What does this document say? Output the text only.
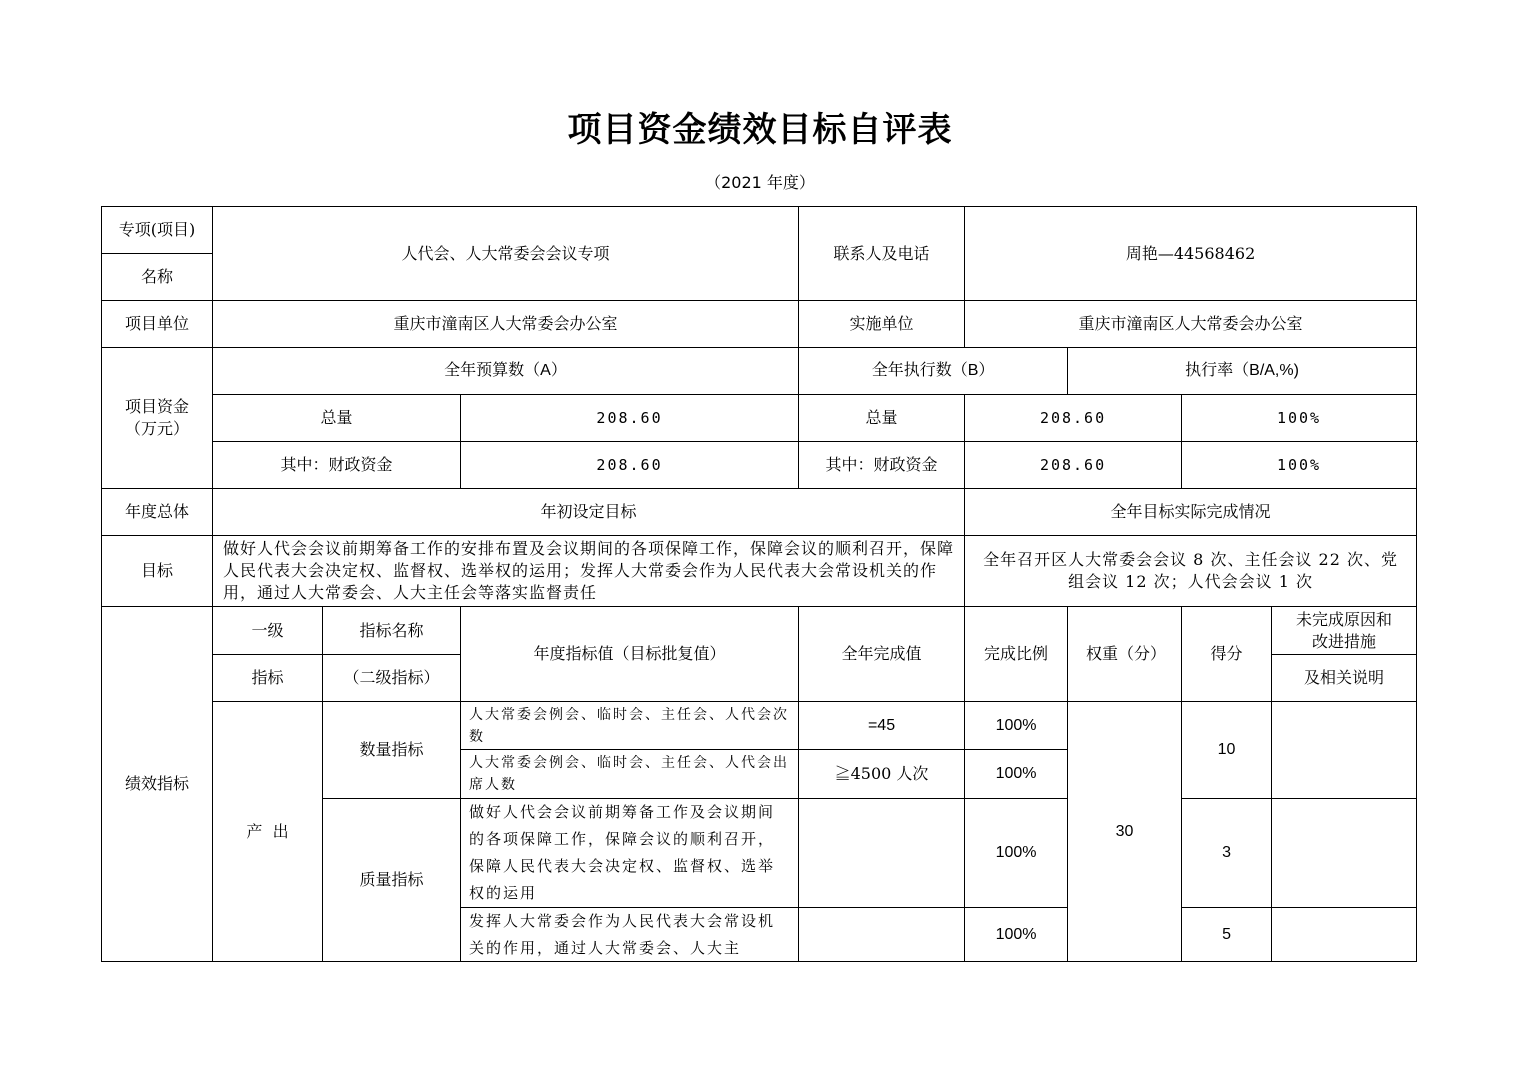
项目资金绩效目标自评表
（2021 年度）
专项(项目)	人代会、人大常委会会议专项			联系人及电话	周艳—44568462			
名称								
项目单位	重庆市潼南区人大常委会办公室			实施单位	重庆市潼南区人大常委会办公室			
项目资金（万元）	全年预算数（A）			全年执行数（B）		执行率（B/A,%)		
	总量		208.60	总量	208.60		100%	
	其中：财政资金		208.60	其中：财政资金	208.60		100%	
年度总体	年初设定目标				全年目标实际完成情况			
目标	做好人代会会议前期筹备工作的安排布置及会议期间的各项保障工作，保障会议的顺利召开，保障人民代表大会决定权、监督权、选举权的运用；发挥人大常委会作为人民代表大会常设机关的作用，通过人大常委会、人大主任会等落实监督责任				全年召开区人大常委会会议 8 次、主任会议 22 次、党组会议 12 次；人代会会议 1 次			
绩效指标	一级	指标名称	年度指标值（目标批复值）	全年完成值	完成比例	权重（分）	得分	未完成原因和改进措施
	指标	（二级指标）						及相关说明
	产  出	数量指标	人大常委会例会、临时会、主任会、人代会次数	=45	100%	30	10	
			人大常委会例会、临时会、主任会、人代会出席人数	≧4500 人次	100%			
		质量指标	做好人代会会议前期筹备工作及会议期间的各项保障工作，保障会议的顺利召开，保障人民代表大会决定权、监督权、选举权的运用		100%		3	

			发挥人大常委会作为人民代表大会常设机关的作用，通过人大常委会、人大主		100%		5	
